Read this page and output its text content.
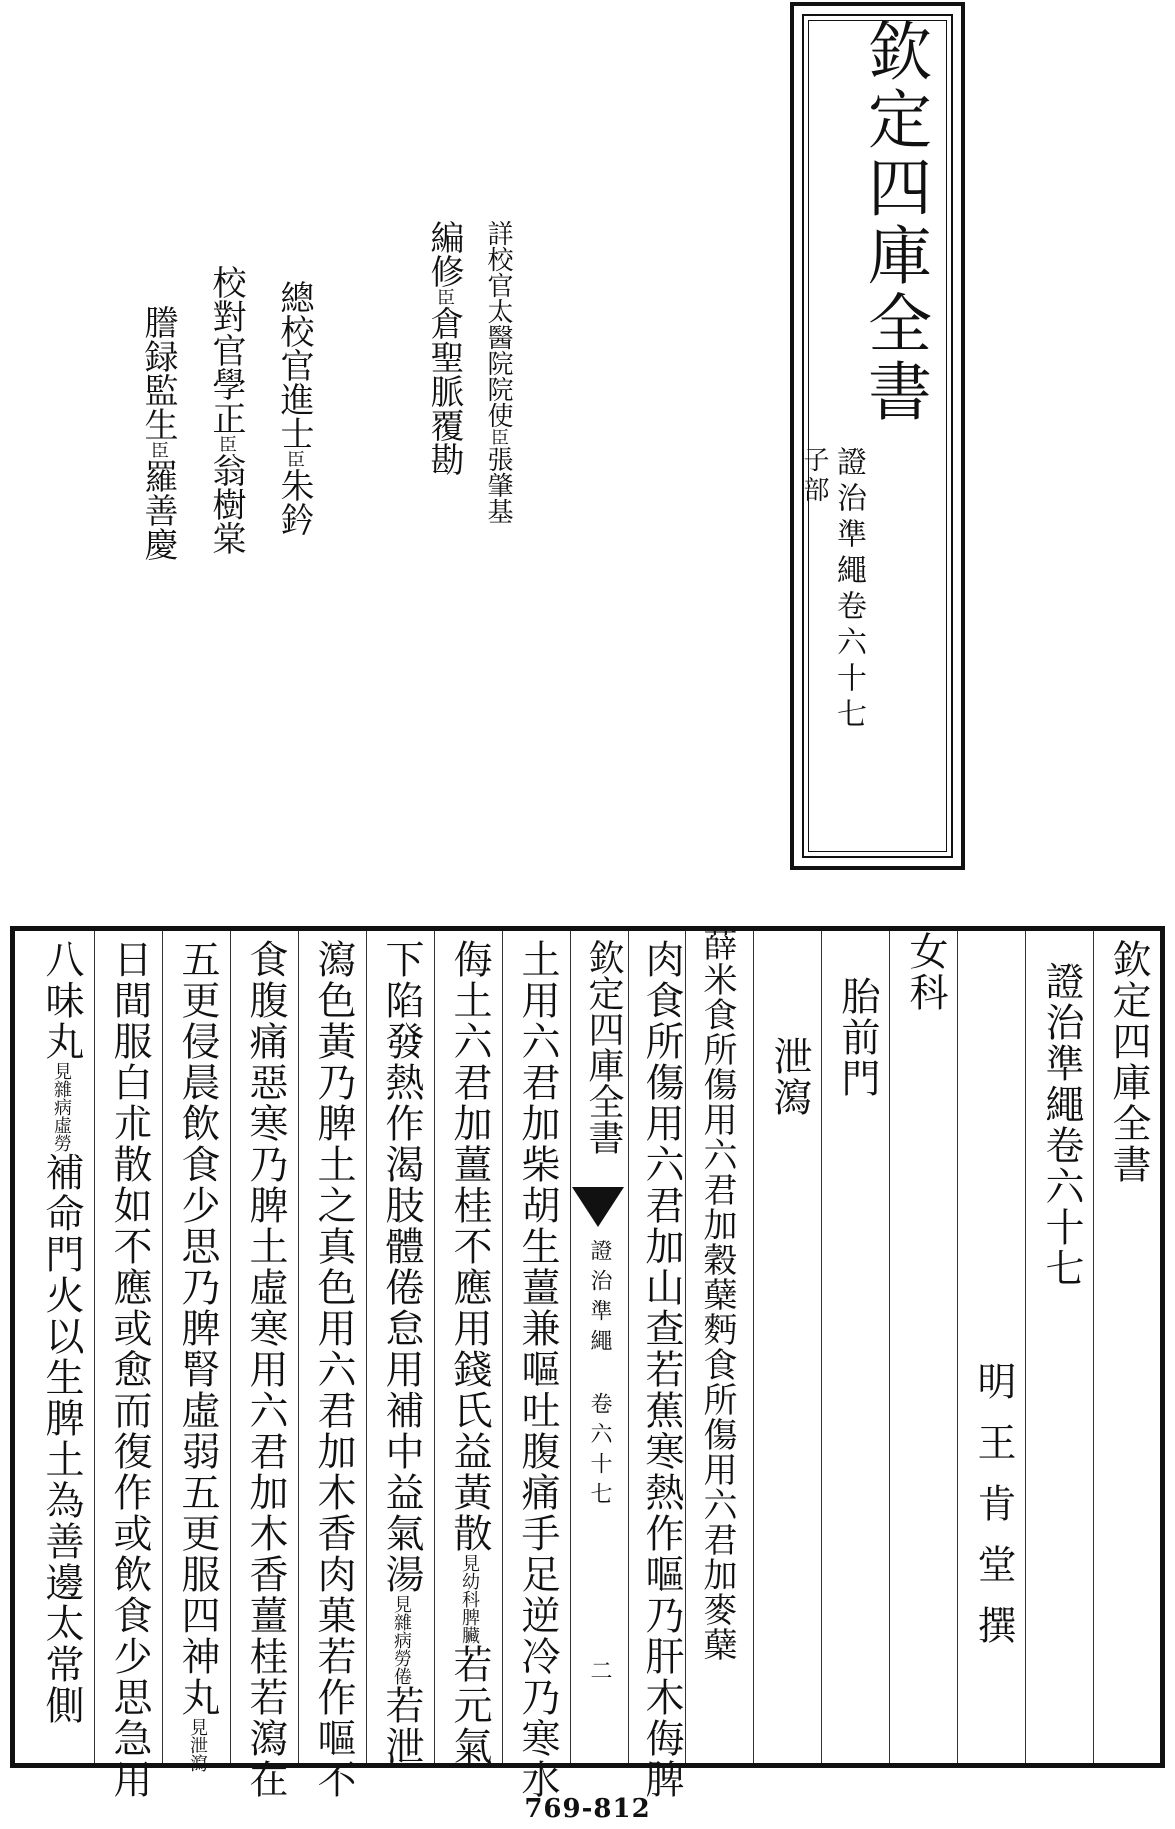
欽定四庫全書
證治準繩卷六十七
子部
詳校官太醫院院使臣張肇基
編修臣倉聖脈覆勘
總校官進士臣朱鈐
校對官學正臣翁樹棠
謄録監生臣羅善慶
欽定四庫全書
證治準繩卷六十七
明王肯堂撰
女科
胎前門
泄瀉
薛米食所傷用六君加穀蘖麪食所傷用六君加麥蘖
肉食所傷用六君加山查若蕉寒熱作嘔乃肝木侮脾
欽定四庫全書
證治準繩 卷六十七
二
土用六君加柴胡生薑兼嘔吐腹痛手足逆冷乃寒水
侮土六君加薑桂不應用錢氏益黃散見幼科脾臟若元氣
下陷發熱作渴肢體倦怠用補中益氣湯見雜病勞倦若泄
瀉色黃乃脾土之真色用六君加木香肉菓若作嘔不
食腹痛惡寒乃脾土虛寒用六君加木香薑桂若瀉在
五更侵晨飲食少思乃脾腎虛弱五更服四神丸見泄瀉
日間服白朮散如不應或愈而復作或飲食少思急用
八味丸見雜病虛勞補命門火以生脾土為善邊太常側
769-812
